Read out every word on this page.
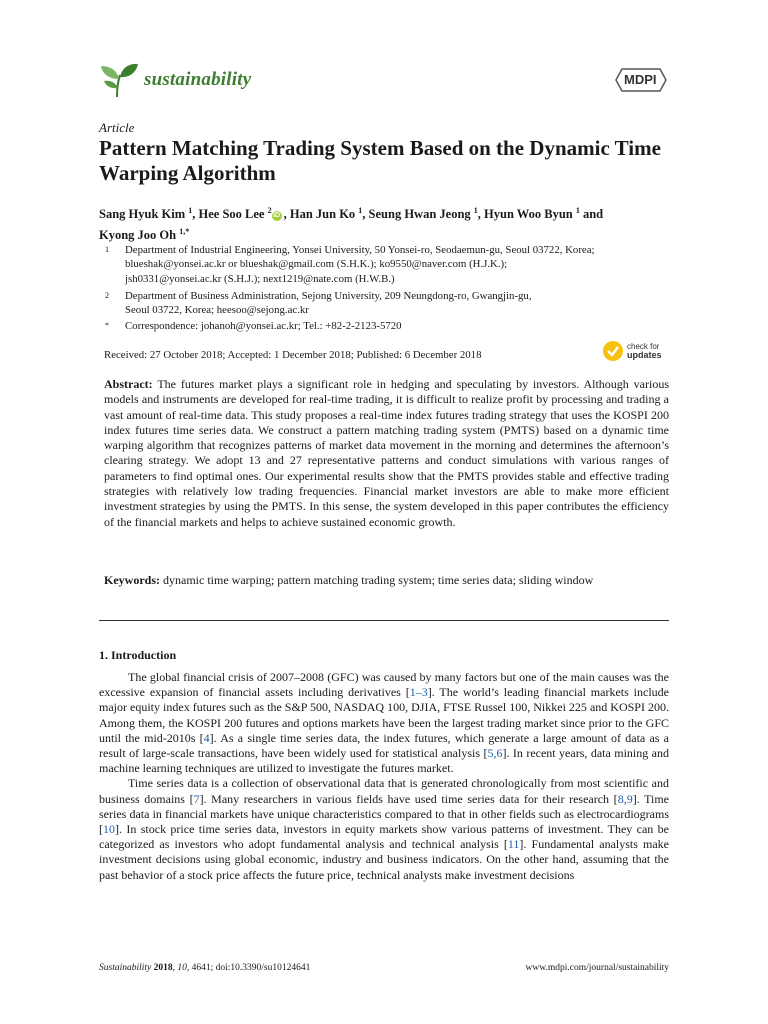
sustainability	MDPI
Article
Pattern Matching Trading System Based on the Dynamic Time Warping Algorithm

Sang Hyuk Kim $^1$, Hee Soo Lee $^2$iD , Han Jun Ko $^1$, Seung Hwan Jeong $^1$, Hyun Woo Byun $^1$ and
Kyong Joo Oh $^{1,*}$

1 Department of Industrial Engineering, Yonsei University, 50 Yonsei-ro, Seodaemun-gu, Seoul 03722, Korea;
blueshak@yonsei.ac.kr or blueshak@gmail.com (S.H.K.); ko9550@naver.com (H.J.K.);
jsh0331@yonsei.ac.kr (S.H.J.); next1219@nate.com (H.W.B.)
2 Department of Business Administration, Sejong University, 209 Neungdong-ro, Gwangjin-gu,
Seoul 03722, Korea; heesoo@sejong.ac.kr
* Correspondence: johanoh@yonsei.ac.kr; Tel.: +82-2-2123-5720
Received: 27 October 2018; Accepted: 1 December 2018; Published: 6 December 2018
check for
updates

Abstract: The futures market plays a significant role in hedging and speculating by investors. Although various models and instruments are developed for real-time trading, it is difficult to realize profit by processing and trading a vast amount of real-time data. This study proposes a real-time index futures trading strategy that uses the KOSPI 200 index futures time series data. We construct a pattern matching trading system (PMTS) based on a dynamic time warping algorithm that recognizes patterns of market data movement in the morning and determines the afternoon’s clearing strategy. We adopt 13 and 27 representative patterns and conduct simulations with various ranges of parameters to find optimal ones. Our experimental results show that the PMTS provides stable and effective trading strategies with relatively low trading frequencies. Financial market investors are able to make more efficient investment strategies by using the PMTS. In this sense, the system developed in this paper contributes the efficiency of the financial markets and helps to achieve sustained economic growth.

Keywords: dynamic time warping; pattern matching trading system; time series data; sliding window

1. Introduction

The global financial crisis of 2007–2008 (GFC) was caused by many factors but one of the main causes was the excessive expansion of financial assets including derivatives [1–3]. The world’s leading financial markets include major equity index futures such as the S&P 500, NASDAQ 100, DJIA, FTSE Russel 100, Nikkei 225 and KOSPI 200. Among them, the KOSPI 200 futures and options markets have been the largest trading market since prior to the GFC until the mid-2010s [4]. As a single time series data, the index futures, which generate a large amount of data as a result of large-scale transactions, have been widely used for statistical analysis [5,6]. In recent years, data mining and machine learning techniques are utilized to investigate the futures market.

Time series data is a collection of observational data that is generated chronologically from most scientific and business domains [7]. Many researchers in various fields have used time series data for their research [8,9]. Time series data in financial markets have unique characteristics compared to that in other fields such as electrocardiograms [10]. In stock price time series data, investors in equity markets show various patterns of investment. They can be categorized as investors who adopt fundamental analysis and technical analysis [11]. Fundamental analysts make investment decisions using global economic, industry and business indicators. On the other hand, assuming that the past behavior of a stock price affects the future price, technical analysts make investment decisions

Sustainability 2018, 10, 4641; doi:10.3390/su10124641	www.mdpi.com/journal/sustainability
